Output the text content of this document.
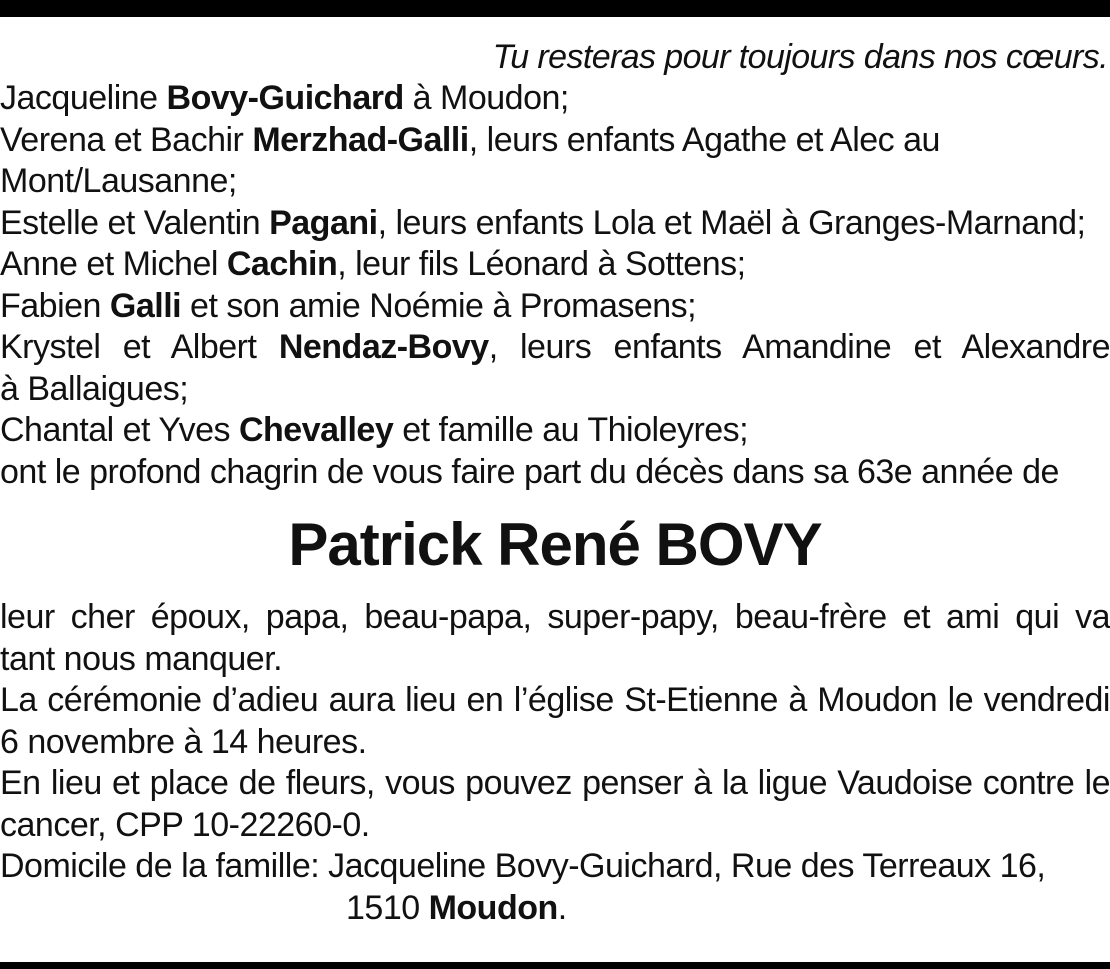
Tu resteras pour toujours dans nos cœurs.
Jacqueline Bovy-Guichard à Moudon;
Verena et Bachir Merzhad-Galli, leurs enfants Agathe et Alec au
Mont/Lausanne;
Estelle et Valentin Pagani, leurs enfants Lola et Maël à Granges-Marnand;
Anne et Michel Cachin, leur fils Léonard à Sottens;
Fabien Galli et son amie Noémie à Promasens;
Krystel et Albert Nendaz-Bovy, leurs enfants Amandine et Alexandre
à Ballaigues;
Chantal et Yves Chevalley et famille au Thioleyres;
ont le profond chagrin de vous faire part du décès dans sa 63e année de
Patrick René BOVY
leur cher époux, papa, beau-papa, super-papy, beau-frère et ami qui va
tant nous manquer.
La cérémonie d’adieu aura lieu en l’église St-Etienne à Moudon le vendredi
6 novembre à 14 heures.
En lieu et place de fleurs, vous pouvez penser à la ligue Vaudoise contre le
cancer, CPP 10-22260-0.
Domicile de la famille: Jacqueline Bovy-Guichard, Rue des Terreaux 16,
1510 Moudon.
